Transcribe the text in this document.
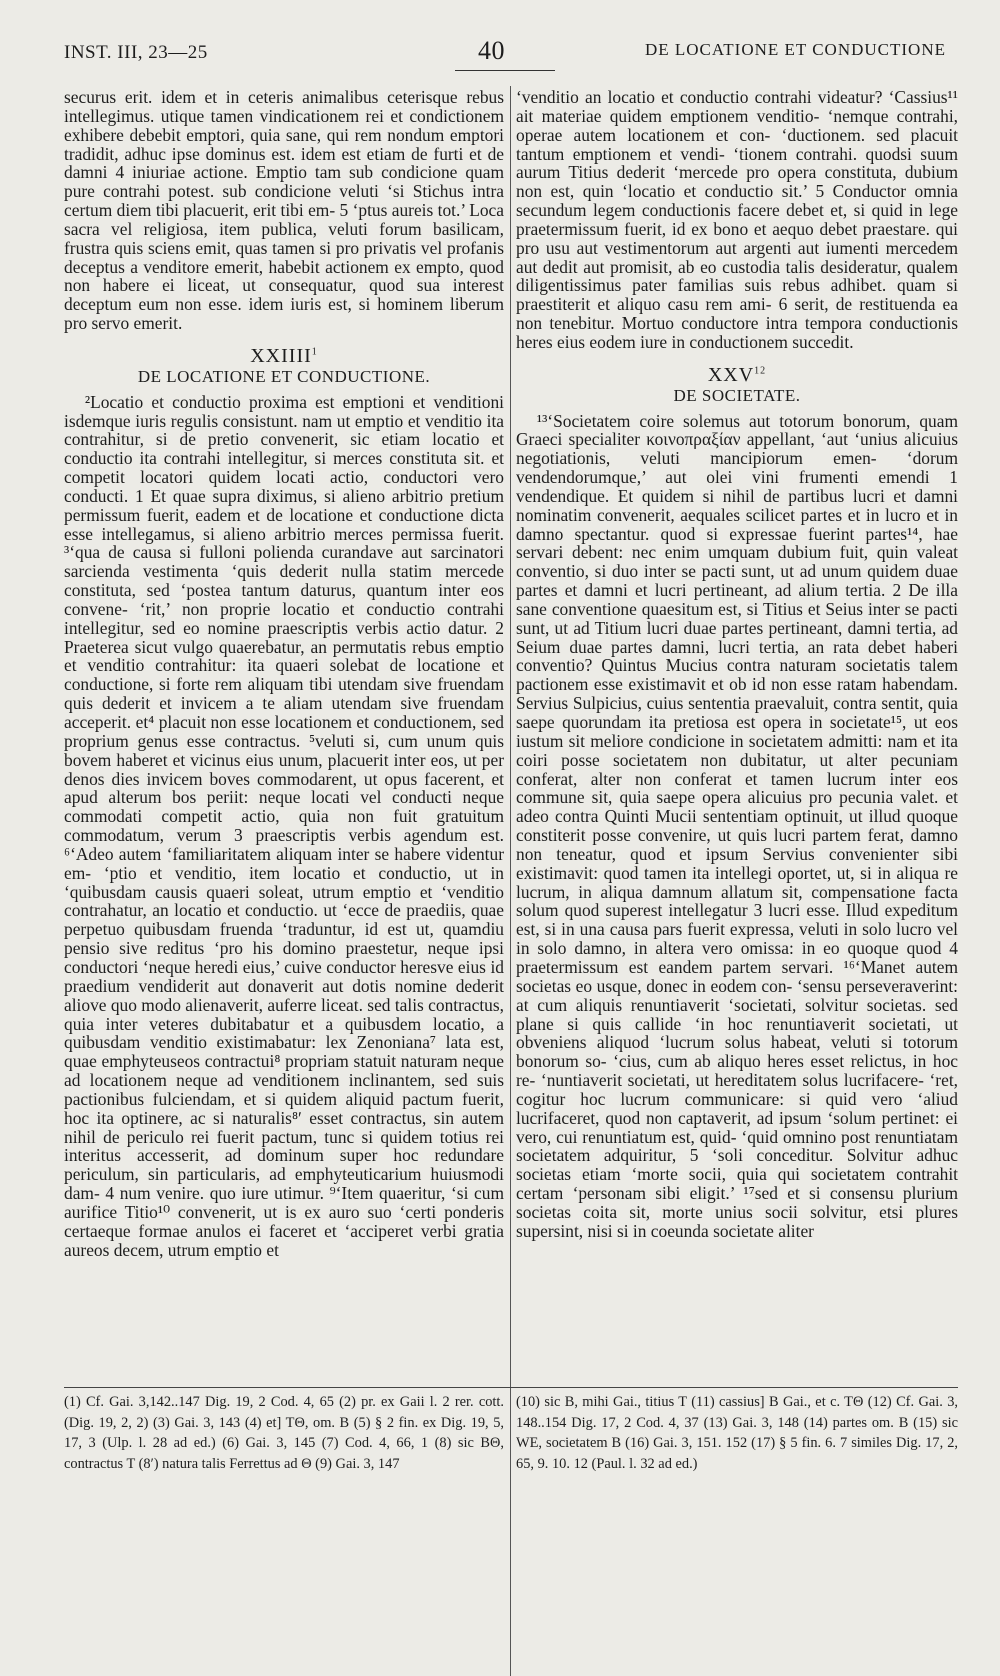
INST. III, 23—25	40	DE LOCATIONE ET CONDUCTIONE

securus erit. idem et in ceteris animalibus ceterisque rebus intellegimus. utique tamen vindicationem rei et condictionem exhibere debebit emptori, quia sane, qui rem nondum emptori tradidit, adhuc ipse dominus est. idem est etiam de furti et de damni 4 iniuriae actione. Emptio tam sub condicione quam pure contrahi potest. sub condicione veluti ‘si Stichus intra certum diem tibi placuerit, erit tibi em- 5 ‘ptus aureis tot.’ Loca sacra vel religiosa, item publica, veluti forum basilicam, frustra quis sciens emit, quas tamen si pro privatis vel profanis deceptus a venditore emerit, habebit actionem ex empto, quod non habere ei liceat, ut consequatur, quod sua interest deceptum eum non esse. idem iuris est, si hominem liberum pro servo emerit.

XXIIII$^1$
DE LOCATIONE ET CONDUCTIONE.

²Locatio et conductio proxima est emptioni et venditioni isdemque iuris regulis consistunt. nam ut emptio et venditio ita contrahitur, si de pretio convenerit, sic etiam locatio et conductio ita contrahi intellegitur, si merces constituta sit. et competit locatori quidem locati actio, conductori vero conducti. 1 Et quae supra diximus, si alieno arbitrio pretium permissum fuerit, eadem et de locatione et conductione dicta esse intellegamus, si alieno arbitrio merces permissa fuerit. ³‘qua de causa si fulloni polienda curandave aut sarcinatori sarcienda vestimenta ‘quis dederit nulla statim mercede constituta, sed ‘postea tantum daturus, quantum inter eos convene- ‘rit,’ non proprie locatio et conductio contrahi intellegitur, sed eo nomine praescriptis verbis actio datur. 2 Praeterea sicut vulgo quaerebatur, an permutatis rebus emptio et venditio contrahitur: ita quaeri solebat de locatione et conductione, si forte rem aliquam tibi utendam sive fruendam quis dederit et invicem a te aliam utendam sive fruendam acceperit. et⁴ placuit non esse locationem et conductionem, sed proprium genus esse contractus. ⁵veluti si, cum unum quis bovem haberet et vicinus eius unum, placuerit inter eos, ut per denos dies invicem boves commodarent, ut opus facerent, et apud alterum bos periit: neque locati vel conducti neque commodati competit actio, quia non fuit gratuitum commodatum, verum 3 praescriptis verbis agendum est. ⁶‘Adeo autem ‘familiaritatem aliquam inter se habere videntur em- ‘ptio et venditio, item locatio et conductio, ut in ‘quibusdam causis quaeri soleat, utrum emptio et ‘venditio contrahatur, an locatio et conductio. ut ‘ecce de praediis, quae perpetuo quibusdam fruenda ‘traduntur, id est ut, quamdiu pensio sive reditus ‘pro his domino praestetur, neque ipsi conductori ‘neque heredi eius,’ cuive conductor heresve eius id praedium vendiderit aut donaverit aut dotis nomine dederit aliove quo modo alienaverit, auferre liceat. sed talis contractus, quia inter veteres dubitabatur et a quibusdem locatio, a quibusdam venditio existimabatur: lex Zenoniana⁷ lata est, quae emphyteuseos contractui⁸ propriam statuit naturam neque ad locationem neque ad venditionem inclinantem, sed suis pactionibus fulciendam, et si quidem aliquid pactum fuerit, hoc ita optinere, ac si naturalis⁸ʹ esset contractus, sin autem nihil de periculo rei fuerit pactum, tunc si quidem totius rei interitus accesserit, ad dominum super hoc redundare periculum, sin particularis, ad emphyteuticarium huiusmodi dam- 4 num venire. quo iure utimur. ⁹‘Item quaeritur, ‘si cum aurifice Titio¹⁰ convenerit, ut is ex auro suo ‘certi ponderis certaeque formae anulos ei faceret et ‘acciperet verbi gratia aureos decem, utrum emptio et

‘venditio an locatio et conductio contrahi videatur? ‘Cassius¹¹ ait materiae quidem emptionem venditio- ‘nemque contrahi, operae autem locationem et con- ‘ductionem. sed placuit tantum emptionem et vendi- ‘tionem contrahi. quodsi suum aurum Titius dederit ‘mercede pro opera constituta, dubium non est, quin ‘locatio et conductio sit.’ 5 Conductor omnia secundum legem conductionis facere debet et, si quid in lege praetermissum fuerit, id ex bono et aequo debet praestare. qui pro usu aut vestimentorum aut argenti aut iumenti mercedem aut dedit aut promisit, ab eo custodia talis desideratur, qualem diligentissimus pater familias suis rebus adhibet. quam si praestiterit et aliquo casu rem ami- 6 serit, de restituenda ea non tenebitur. Mortuo conductore intra tempora conductionis heres eius eodem iure in conductionem succedit.

XXV$^{12}$
DE SOCIETATE.

¹³‘Societatem coire solemus aut totorum bonorum, quam Graeci specialiter κοινοπραξίαν appellant, ‘aut ‘unius alicuius negotiationis, veluti mancipiorum emen- ‘dorum vendendorumque,’ aut olei vini frumenti emendi 1 vendendique. Et quidem si nihil de partibus lucri et damni nominatim convenerit, aequales scilicet partes et in lucro et in damno spectantur. quod si expressae fuerint partes¹⁴, hae servari debent: nec enim umquam dubium fuit, quin valeat conventio, si duo inter se pacti sunt, ut ad unum quidem duae partes et damni et lucri pertineant, ad alium tertia. 2 De illa sane conventione quaesitum est, si Titius et Seius inter se pacti sunt, ut ad Titium lucri duae partes pertineant, damni tertia, ad Seium duae partes damni, lucri tertia, an rata debet haberi conventio? Quintus Mucius contra naturam societatis talem pactionem esse existimavit et ob id non esse ratam habendam. Servius Sulpicius, cuius sententia praevaluit, contra sentit, quia saepe quorundam ita pretiosa est opera in societate¹⁵, ut eos iustum sit meliore condicione in societatem admitti: nam et ita coiri posse societatem non dubitatur, ut alter pecuniam conferat, alter non conferat et tamen lucrum inter eos commune sit, quia saepe opera alicuius pro pecunia valet. et adeo contra Quinti Mucii sententiam optinuit, ut illud quoque constiterit posse convenire, ut quis lucri partem ferat, damno non teneatur, quod et ipsum Servius convenienter sibi existimavit: quod tamen ita intellegi oportet, ut, si in aliqua re lucrum, in aliqua damnum allatum sit, compensatione facta solum quod superest intellegatur 3 lucri esse. Illud expeditum est, si in una causa pars fuerit expressa, veluti in solo lucro vel in solo damno, in altera vero omissa: in eo quoque quod 4 praetermissum est eandem partem servari. ¹⁶‘Manet autem societas eo usque, donec in eodem con- ‘sensu perseveraverint: at cum aliquis renuntiaverit ‘societati, solvitur societas. sed plane si quis callide ‘in hoc renuntiaverit societati, ut obveniens aliquod ‘lucrum solus habeat, veluti si totorum bonorum so- ‘cius, cum ab aliquo heres esset relictus, in hoc re- ‘nuntiaverit societati, ut hereditatem solus lucrifacere- ‘ret, cogitur hoc lucrum communicare: si quid vero ‘aliud lucrifaceret, quod non captaverit, ad ipsum ‘solum pertinet: ei vero, cui renuntiatum est, quid- ‘quid omnino post renuntiatam societatem adquiritur, 5 ‘soli conceditur. Solvitur adhuc societas etiam ‘morte socii, quia qui societatem contrahit certam ‘personam sibi eligit.’ ¹⁷sed et si consensu plurium societas coita sit, morte unius socii solvitur, etsi plures supersint, nisi si in coeunda societate aliter

(1) Cf. Gai. 3,142..147 Dig. 19, 2 Cod. 4, 65 (2) pr. ex Gaii l. 2 rer. cott. (Dig. 19, 2, 2) (3) Gai. 3, 143 (4) et] TΘ, om. B (5) § 2 fin. ex Dig. 19, 5, 17, 3 (Ulp. l. 28 ad ed.) (6) Gai. 3, 145 (7) Cod. 4, 66, 1 (8) sic BΘ, contractus T (8ʹ) natura talis Ferrettus ad Θ (9) Gai. 3, 147
(10) sic B, mihi Gai., titius T (11) cassius] B Gai., et c. TΘ (12) Cf. Gai. 3, 148..154 Dig. 17, 2 Cod. 4, 37 (13) Gai. 3, 148 (14) partes om. B (15) sic WE, societatem B (16) Gai. 3, 151. 152 (17) § 5 fin. 6. 7 similes Dig. 17, 2, 65, 9. 10. 12 (Paul. l. 32 ad ed.)
